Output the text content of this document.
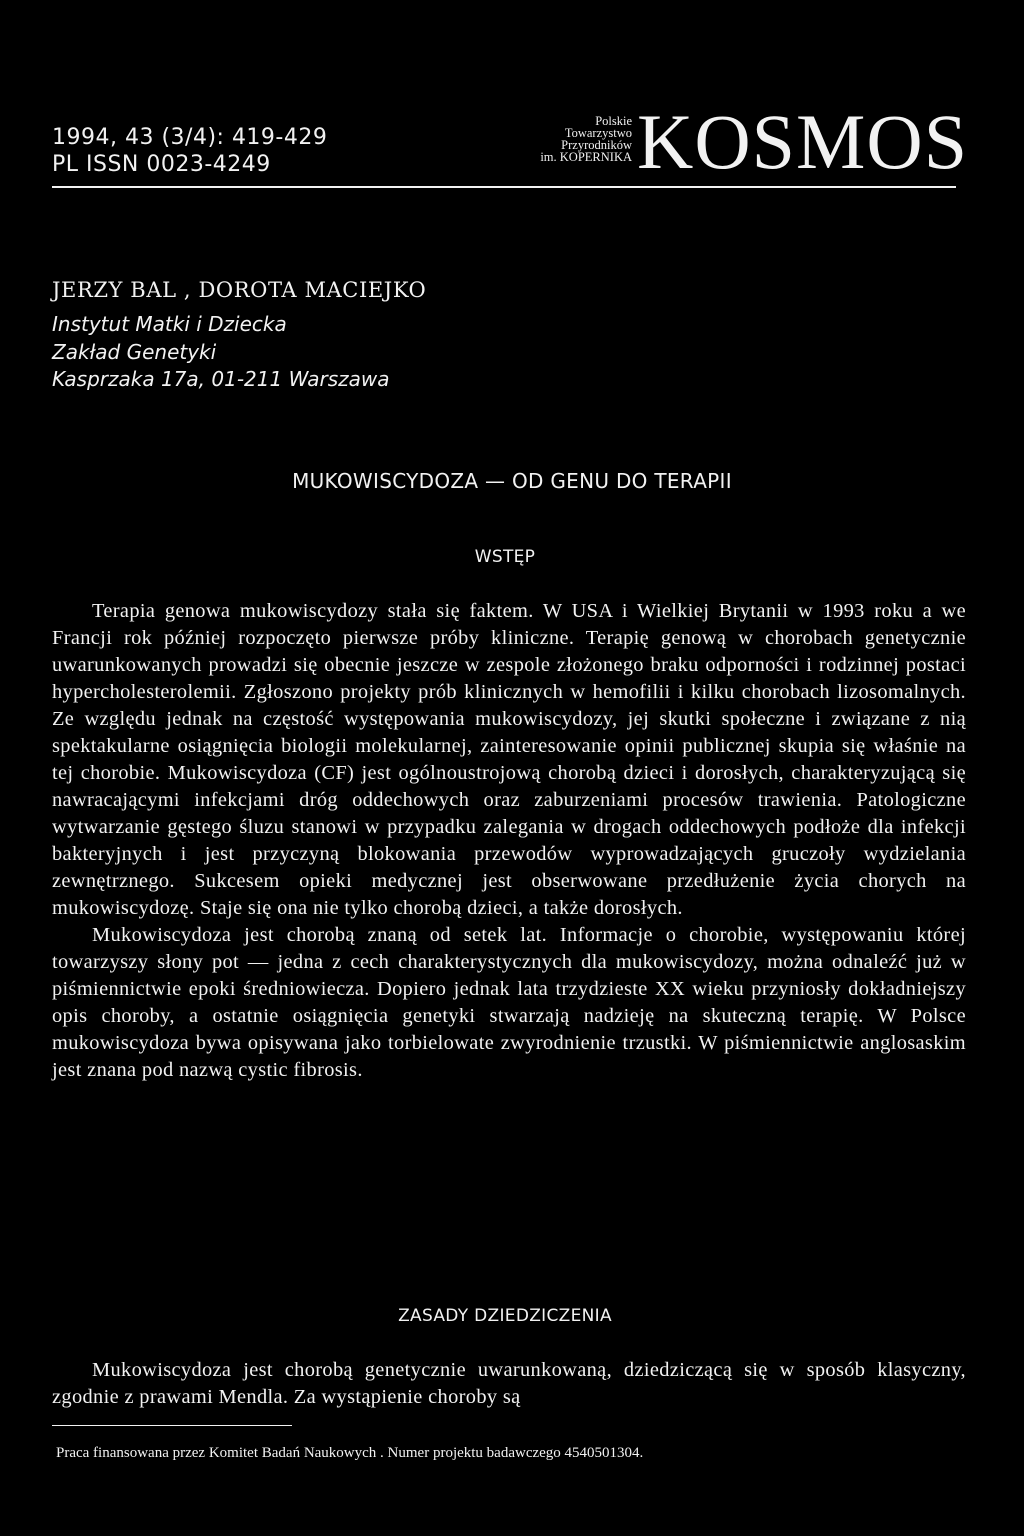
1994, 43 (3/4): 419-429
PL ISSN 0023-4249
Polskie
Towarzystwo
Przyrodników
im. KOPERNIKA KOSMOS
JERZY BAL , DOROTA MACIEJKO
Instytut Matki i Dziecka
Zakład Genetyki
Kasprzaka 17a, 01-211 Warszawa
MUKOWISCYDOZA — OD GENU DO TERAPII
WSTĘP

Terapia genowa mukowiscydozy stała się faktem. W USA i Wielkiej Brytanii w 1993 roku a we Francji rok później rozpoczęto pierwsze próby kliniczne. Terapię genową w chorobach genetycznie uwarunkowanych prowadzi się obecnie jeszcze w zespole złożonego braku odporności i rodzinnej postaci hypercholesterolemii. Zgłoszono projekty prób klinicznych w hemofilii i kilku chorobach lizosomalnych. Ze względu jednak na częstość występowania mukowiscydozy, jej skutki społeczne i związane z nią spektakularne osiągnięcia biologii molekularnej, zainteresowanie opinii publicznej skupia się właśnie na tej chorobie. Mukowiscydoza (CF) jest ogólnoustrojową chorobą dzieci i dorosłych, charakteryzującą się nawracającymi infekcjami dróg oddechowych oraz zaburzeniami procesów trawienia. Patologiczne wytwarzanie gęstego śluzu stanowi w przypadku zalegania w drogach oddechowych podłoże dla infekcji bakteryjnych i jest przyczyną blokowania przewodów wyprowadzających gruczoły wydzielania zewnętrznego. Sukcesem opieki medycznej jest obserwowane przedłużenie życia chorych na mukowiscydozę. Staje się ona nie tylko chorobą dzieci, a także dorosłych.

Mukowiscydoza jest chorobą znaną od setek lat. Informacje o chorobie, występowaniu której towarzyszy słony pot — jedna z cech charakterystycznych dla mukowiscydozy, można odnaleźć już w piśmiennictwie epoki średniowiecza. Dopiero jednak lata trzydzieste XX wieku przyniosły dokładniejszy opis choroby, a ostatnie osiągnięcia genetyki stwarzają nadzieję na skuteczną terapię. W Polsce mukowiscydoza bywa opisywana jako torbielowate zwyrodnienie trzustki. W piśmiennictwie anglosaskim jest znana pod nazwą cystic fibrosis.

ZASADY DZIEDZICZENIA

Mukowiscydoza jest chorobą genetycznie uwarunkowaną, dziedziczącą się w sposób klasyczny, zgodnie z prawami Mendla. Za wystąpienie choroby są

Praca finansowana przez Komitet Badań Naukowych . Numer projektu badawczego 4540501304.
